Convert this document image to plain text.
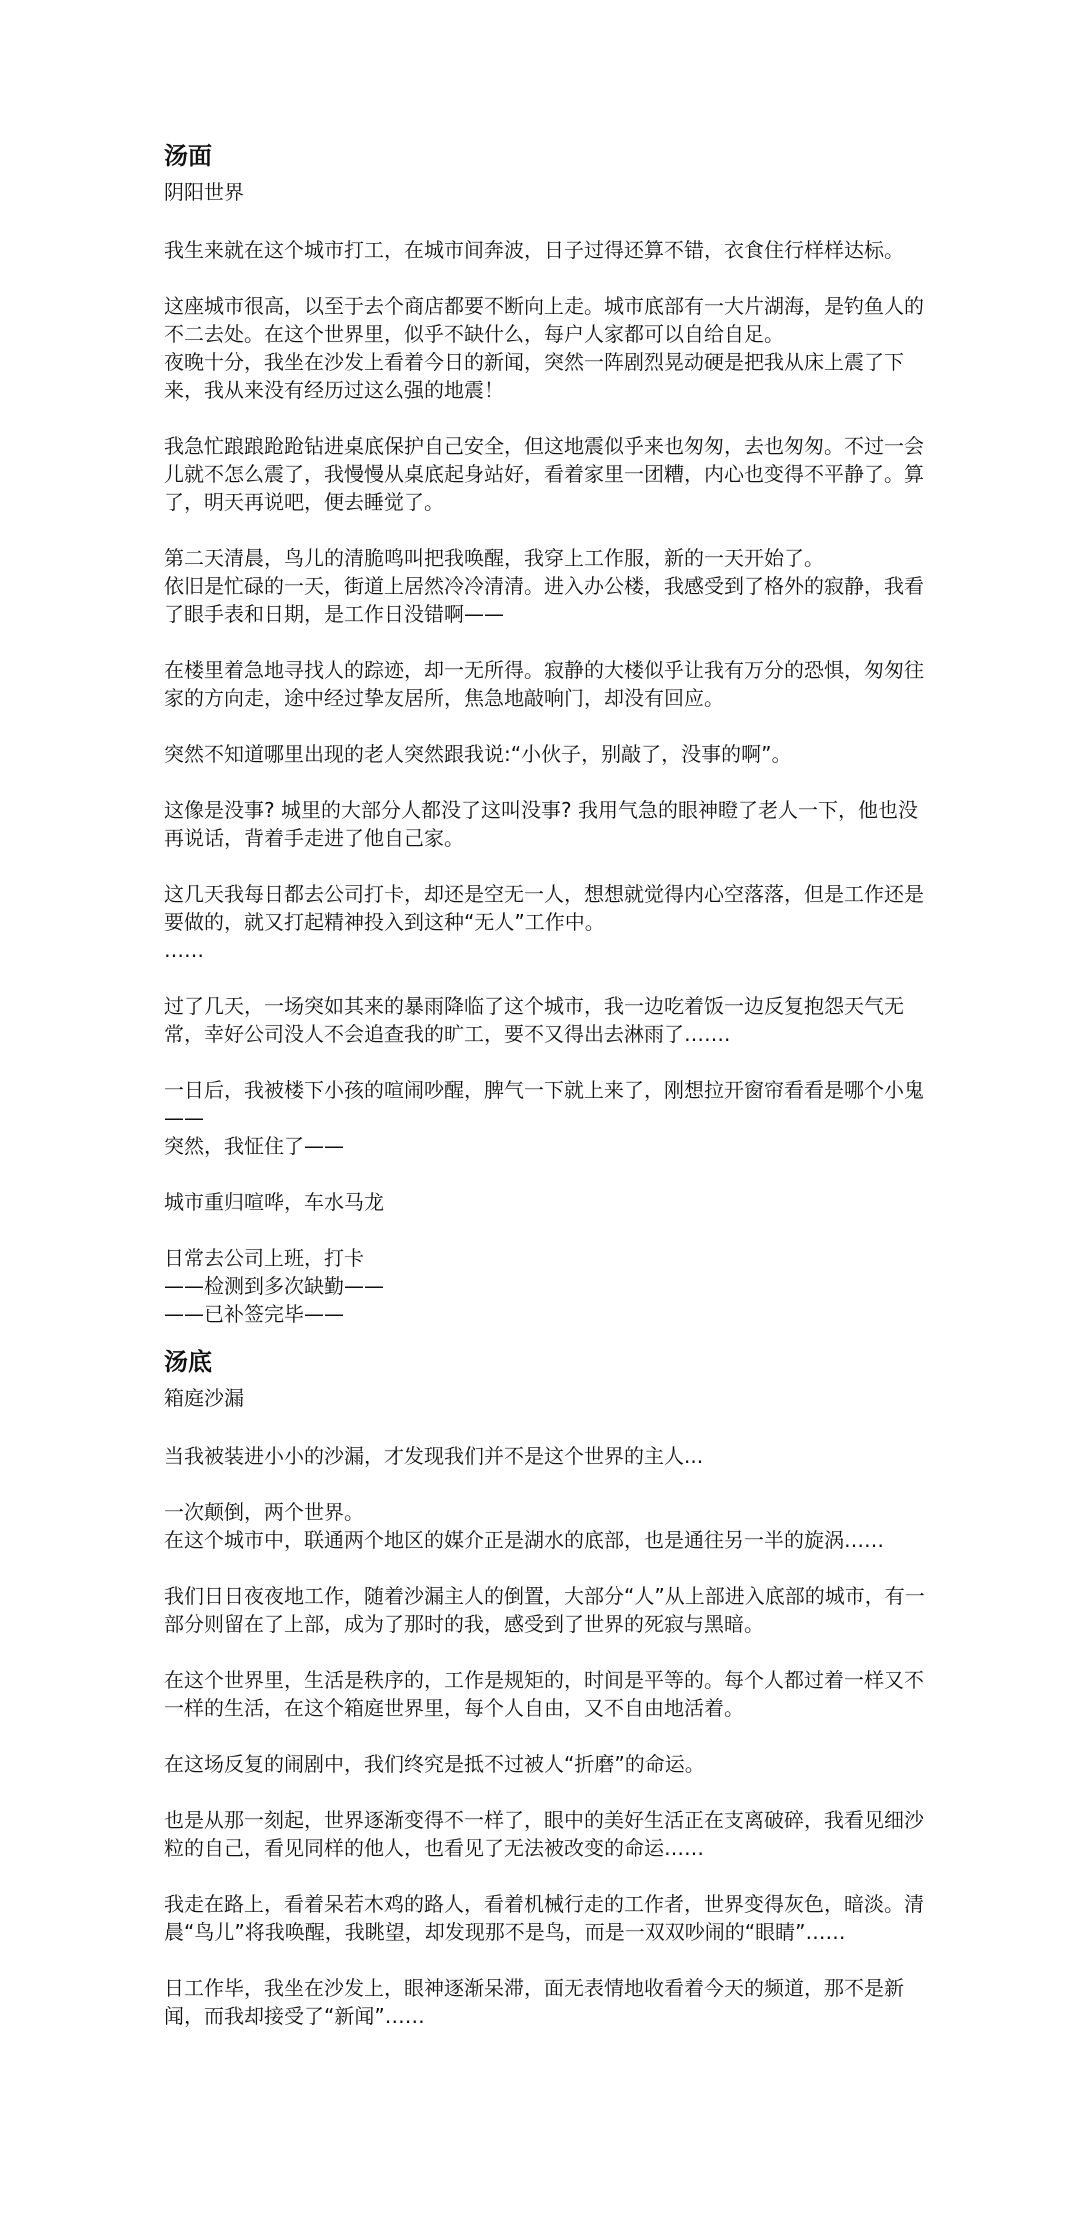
汤面

阴阳世界

我生来就在这个城市打工，在城市间奔波，日子过得还算不错，衣食住行样样达标。

这座城市很高，以至于去个商店都要不断向上走。城市底部有一大片湖海，是钓鱼人的不二去处。在这个世界里，似乎不缺什么，每户人家都可以自给自足。
夜晚十分，我坐在沙发上看着今日的新闻，突然一阵剧烈晃动硬是把我从床上震了下来，我从来没有经历过这么强的地震！

我急忙踉踉跄跄钻进桌底保护自己安全，但这地震似乎来也匆匆，去也匆匆。不过一会儿就不怎么震了，我慢慢从桌底起身站好，看着家里一团糟，内心也变得不平静了。算了，明天再说吧，便去睡觉了。

第二天清晨，鸟儿的清脆鸣叫把我唤醒，我穿上工作服，新的一天开始了。
依旧是忙碌的一天，街道上居然冷冷清清。进入办公楼，我感受到了格外的寂静，我看了眼手表和日期，是工作日没错啊——

在楼里着急地寻找人的踪迹，却一无所得。寂静的大楼似乎让我有万分的恐惧，匆匆往家的方向走，途中经过挚友居所，焦急地敲响门，却没有回应。

突然不知道哪里出现的老人突然跟我说:“小伙子，别敲了，没事的啊”。

这像是没事? 城里的大部分人都没了这叫没事? 我用气急的眼神瞪了老人一下，他也没再说话，背着手走进了他自己家。

这几天我每日都去公司打卡，却还是空无一人，想想就觉得内心空落落，但是工作还是要做的，就又打起精神投入到这种“无人”工作中。
……

过了几天，一场突如其来的暴雨降临了这个城市，我一边吃着饭一边反复抱怨天气无常，幸好公司没人不会追查我的旷工，要不又得出去淋雨了…….

一日后，我被楼下小孩的喧闹吵醒，脾气一下就上来了，刚想拉开窗帘看看是哪个小鬼——
突然，我怔住了——

城市重归喧哗，车水马龙

日常去公司上班，打卡
——检测到多次缺勤——
——已补签完毕——

汤底

箱庭沙漏

当我被装进小小的沙漏，才发现我们并不是这个世界的主人...

一次颠倒，两个世界。
在这个城市中，联通两个地区的媒介正是湖水的底部，也是通往另一半的旋涡……

我们日日夜夜地工作，随着沙漏主人的倒置，大部分“人”从上部进入底部的城市，有一部分则留在了上部，成为了那时的我，感受到了世界的死寂与黑暗。

在这个世界里，生活是秩序的，工作是规矩的，时间是平等的。每个人都过着一样又不一样的生活，在这个箱庭世界里，每个人自由，又不自由地活着。

在这场反复的闹剧中，我们终究是抵不过被人“折磨”的命运。

也是从那一刻起，世界逐渐变得不一样了，眼中的美好生活正在支离破碎，我看见细沙粒的自己，看见同样的他人，也看见了无法被改变的命运……

我走在路上，看着呆若木鸡的路人，看着机械行走的工作者，世界变得灰色，暗淡。清晨“鸟儿”将我唤醒，我眺望，却发现那不是鸟，而是一双双吵闹的“眼睛”……

日工作毕，我坐在沙发上，眼神逐渐呆滞，面无表情地收看着今天的频道，那不是新闻，而我却接受了“新闻”……
